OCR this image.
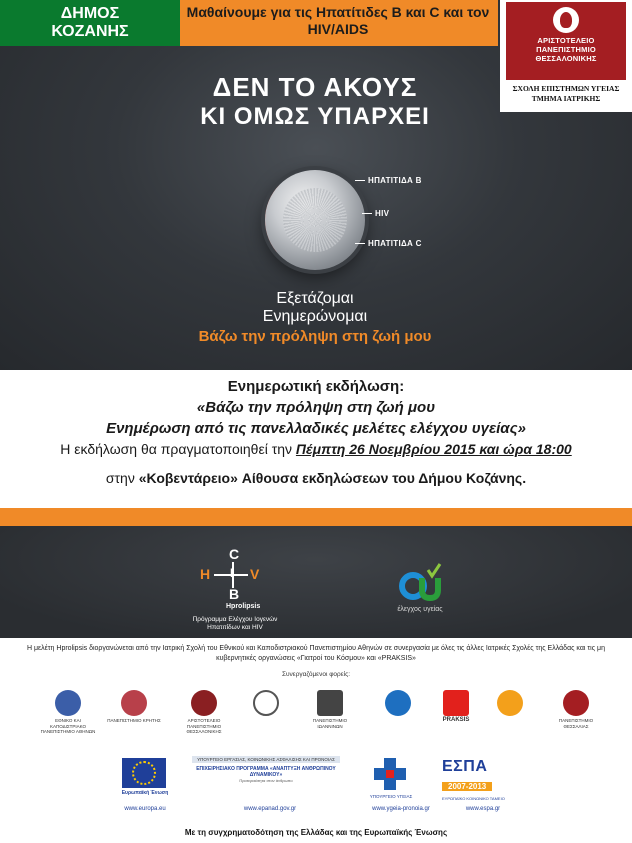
ΔΗΜΟΣ ΚΟΖΑΝΗΣ
Μαθαίνουμε για τις Ηπατίτιδες Β και C και τον HIV/AIDS
ΑΡΙΣΤΟΤΕΛΕΙΟ ΠΑΝΕΠΙΣΤΗΜΙΟ ΘΕΣΣΑΛΟΝΙΚΗΣ
ΣΧΟΛΗ ΕΠΙΣΤΗΜΩΝ ΥΓΕΙΑΣ
ΤΜΗΜΑ ΙΑΤΡΙΚΗΣ
ΔΕΝ ΤΟ ΑΚΟΥΣ
ΚΙ ΟΜΩΣ ΥΠΑΡΧΕΙ
ΗΠΑΤΙΤΙΔΑ Β
HIV
ΗΠΑΤΙΤΙΔΑ C
Εξετάζομαι
Ενημερώνομαι
Βάζω την πρόληψη στη ζωή μου
Ενημερωτική εκδήλωση:
«Βάζω την πρόληψη στη ζωή μου
Ενημέρωση από τις πανελλαδικές μελέτες ελέγχου υγείας»
Η εκδήλωση θα πραγματοποιηθεί την Πέμπτη 26 Νοεμβρίου 2015 και ώρα 18:00
στην «Κοβεντάρειο» Αίθουσα εκδηλώσεων του Δήμου Κοζάνης.
C
H I V
B
Hprolipsis
Πρόγραμμα Ελέγχου Ιογενών Ηπατιτίδων και HIV
έλεγχος υγείας
Η μελέτη Hprolipsis διοργανώνεται από την Ιατρική Σχολή του Εθνικού και Καποδιστριακού Πανεπιστημίου Αθηνών σε συνεργασία με όλες τις άλλες Ιατρικές Σχολές της Ελλάδας και τις μη κυβερνητικές οργανώσεις «Γιατροί του Κόσμου» και «PRAKSIS»
Συνεργαζόμενοι φορείς:
ΕΘΝΙΚΟ ΚΑΙ ΚΑΠΟΔΙΣΤΡΙΑΚΟ ΠΑΝΕΠΙΣΤΗΜΙΟ ΑΘΗΝΩΝ
ΠΑΝΕΠΙΣΤΗΜΙΟ ΚΡΗΤΗΣ	ΑΡΙΣΤΟΤΕΛΕΙΟ ΠΑΝΕΠΙΣΤΗΜΙΟ ΘΕΣΣΑΛΟΝΙΚΗΣ
ΠΑΝΕΠΙΣΤΗΜΙΟ ΙΩΑΝΝΙΝΩΝ
PRAKSIS	ΠΑΝΕΠΙΣΤΗΜΙΟ ΘΕΣΣΑΛΙΑΣ
Ευρωπαϊκή Ένωση
www.europa.eu
ΥΠΟΥΡΓΕΙΟ ΕΡΓΑΣΙΑΣ, ΚΟΙΝΩΝΙΚΗΣ ΑΣΦΑΛΙΣΗΣ ΚΑΙ ΠΡΟΝΟΙΑΣ
ΕΠΙΧΕΙΡΗΣΙΑΚΟ ΠΡΟΓΡΑΜΜΑ «ΑΝΑΠΤΥΞΗ ΑΝΘΡΩΠΙΝΟΥ ΔΥΝΑΜΙΚΟΥ»
Προτεραιότητα στον άνθρωπο
www.epanad.gov.gr
ΥΠΟΥΡΓΕΙΟ ΥΓΕΙΑΣ
www.ygeia-pronoia.gr
ΕΣΠΑ
2007-2013
ΕΥΡΩΠΑΪΚΟ ΚΟΙΝΩΝΙΚΟ ΤΑΜΕΙΟ
www.espa.gr
Με τη συγχρηματοδότηση της Ελλάδας και της Ευρωπαϊκής Ένωσης
